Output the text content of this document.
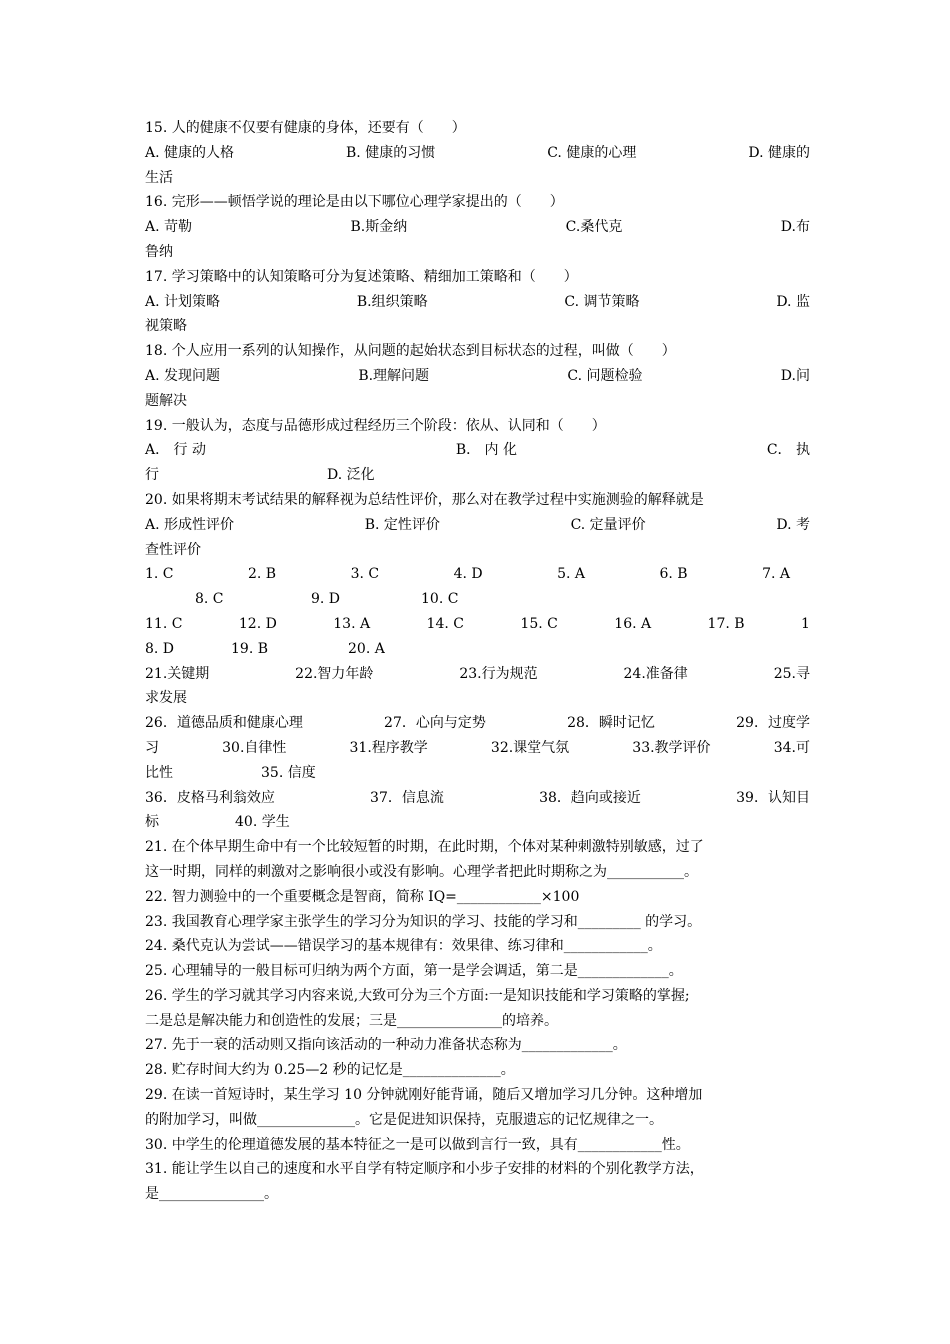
15. 人的健康不仅要有健康的身体，还要有（　　）
A. 健康的人格	B. 健康的习惯	C. 健康的心理	D. 健康的
生活
16. 完形——顿悟学说的理论是由以下哪位心理学家提出的（　　）
A. 苛勒	B.斯金纳	C.桑代克	D.布
鲁纳
17. 学习策略中的认知策略可分为复述策略、精细加工策略和（　　）
A. 计划策略	B.组织策略	C. 调节策略	D. 监
视策略
18. 个人应用一系列的认知操作，从问题的起始状态到目标状态的过程，叫做（　　）
A. 发现问题	B.理解问题	C. 问题检验	D.问
题解决
19. 一般认为，态度与品德形成过程经历三个阶段：依从、认同和（　　）
A． 行 动	B． 内 化	C． 执
行	D. 泛化
20. 如果将期末考试结果的解释视为总结性评价，那么对在教学过程中实施测验的解释就是
A. 形成性评价	B. 定性评价	C. 定量评价	D. 考
查性评价
1. C	2. B	3. C	4. D	5. A	6. B	7. A
8. C	9. D	10. C
11. C	12. D	13. A	14. C	15. C	16. A	17. B	1
8. D	19. B	20. A
21.关键期	22.智力年龄	23.行为规范	24.准备律	25.寻
求发展
26．道德品质和健康心理	27．心向与定势	28．瞬时记忆	29．过度学
习	30.自律性	31.程序教学	32.课堂气氛	33.教学评价	34.可
比性	35. 信度
36．皮格马利翁效应	37．信息流	38．趋向或接近	39．认知目
标	40. 学生
21. 在个体早期生命中有一个比较短暂的时期，在此时期，个体对某种刺激特别敏感，过了
这一时期，同样的刺激对之影响很小或没有影响。心理学者把此时期称之为___________。
22. 智力测验中的一个重要概念是智商，简称 IQ=____________×100
23. 我国教育心理学家主张学生的学习分为知识的学习、技能的学习和_________ 的学习。
24. 桑代克认为尝试——错误学习的基本规律有：效果律、练习律和____________。
25. 心理辅导的一般目标可归纳为两个方面，第一是学会调适，第二是_____________。
26. 学生的学习就其学习内容来说,大致可分为三个方面:一是知识技能和学习策略的掌握;
二是总是解决能力和创造性的发展；三是_______________的培养。
27. 先于一衰的活动则又指向该活动的一种动力准备状态称为_____________。
28. 贮存时间大约为 0.25—2 秒的记忆是______________。
29. 在读一首短诗时，某生学习 10 分钟就刚好能背诵，随后又增加学习几分钟。这种增加
的附加学习，叫做______________。它是促进知识保持，克服遗忘的记忆规律之一。
30. 中学生的伦理道德发展的基本特征之一是可以做到言行一致，具有____________性。
31. 能让学生以自己的速度和水平自学有特定顺序和小步子安排的材料的个别化教学方法，
是_______________。
